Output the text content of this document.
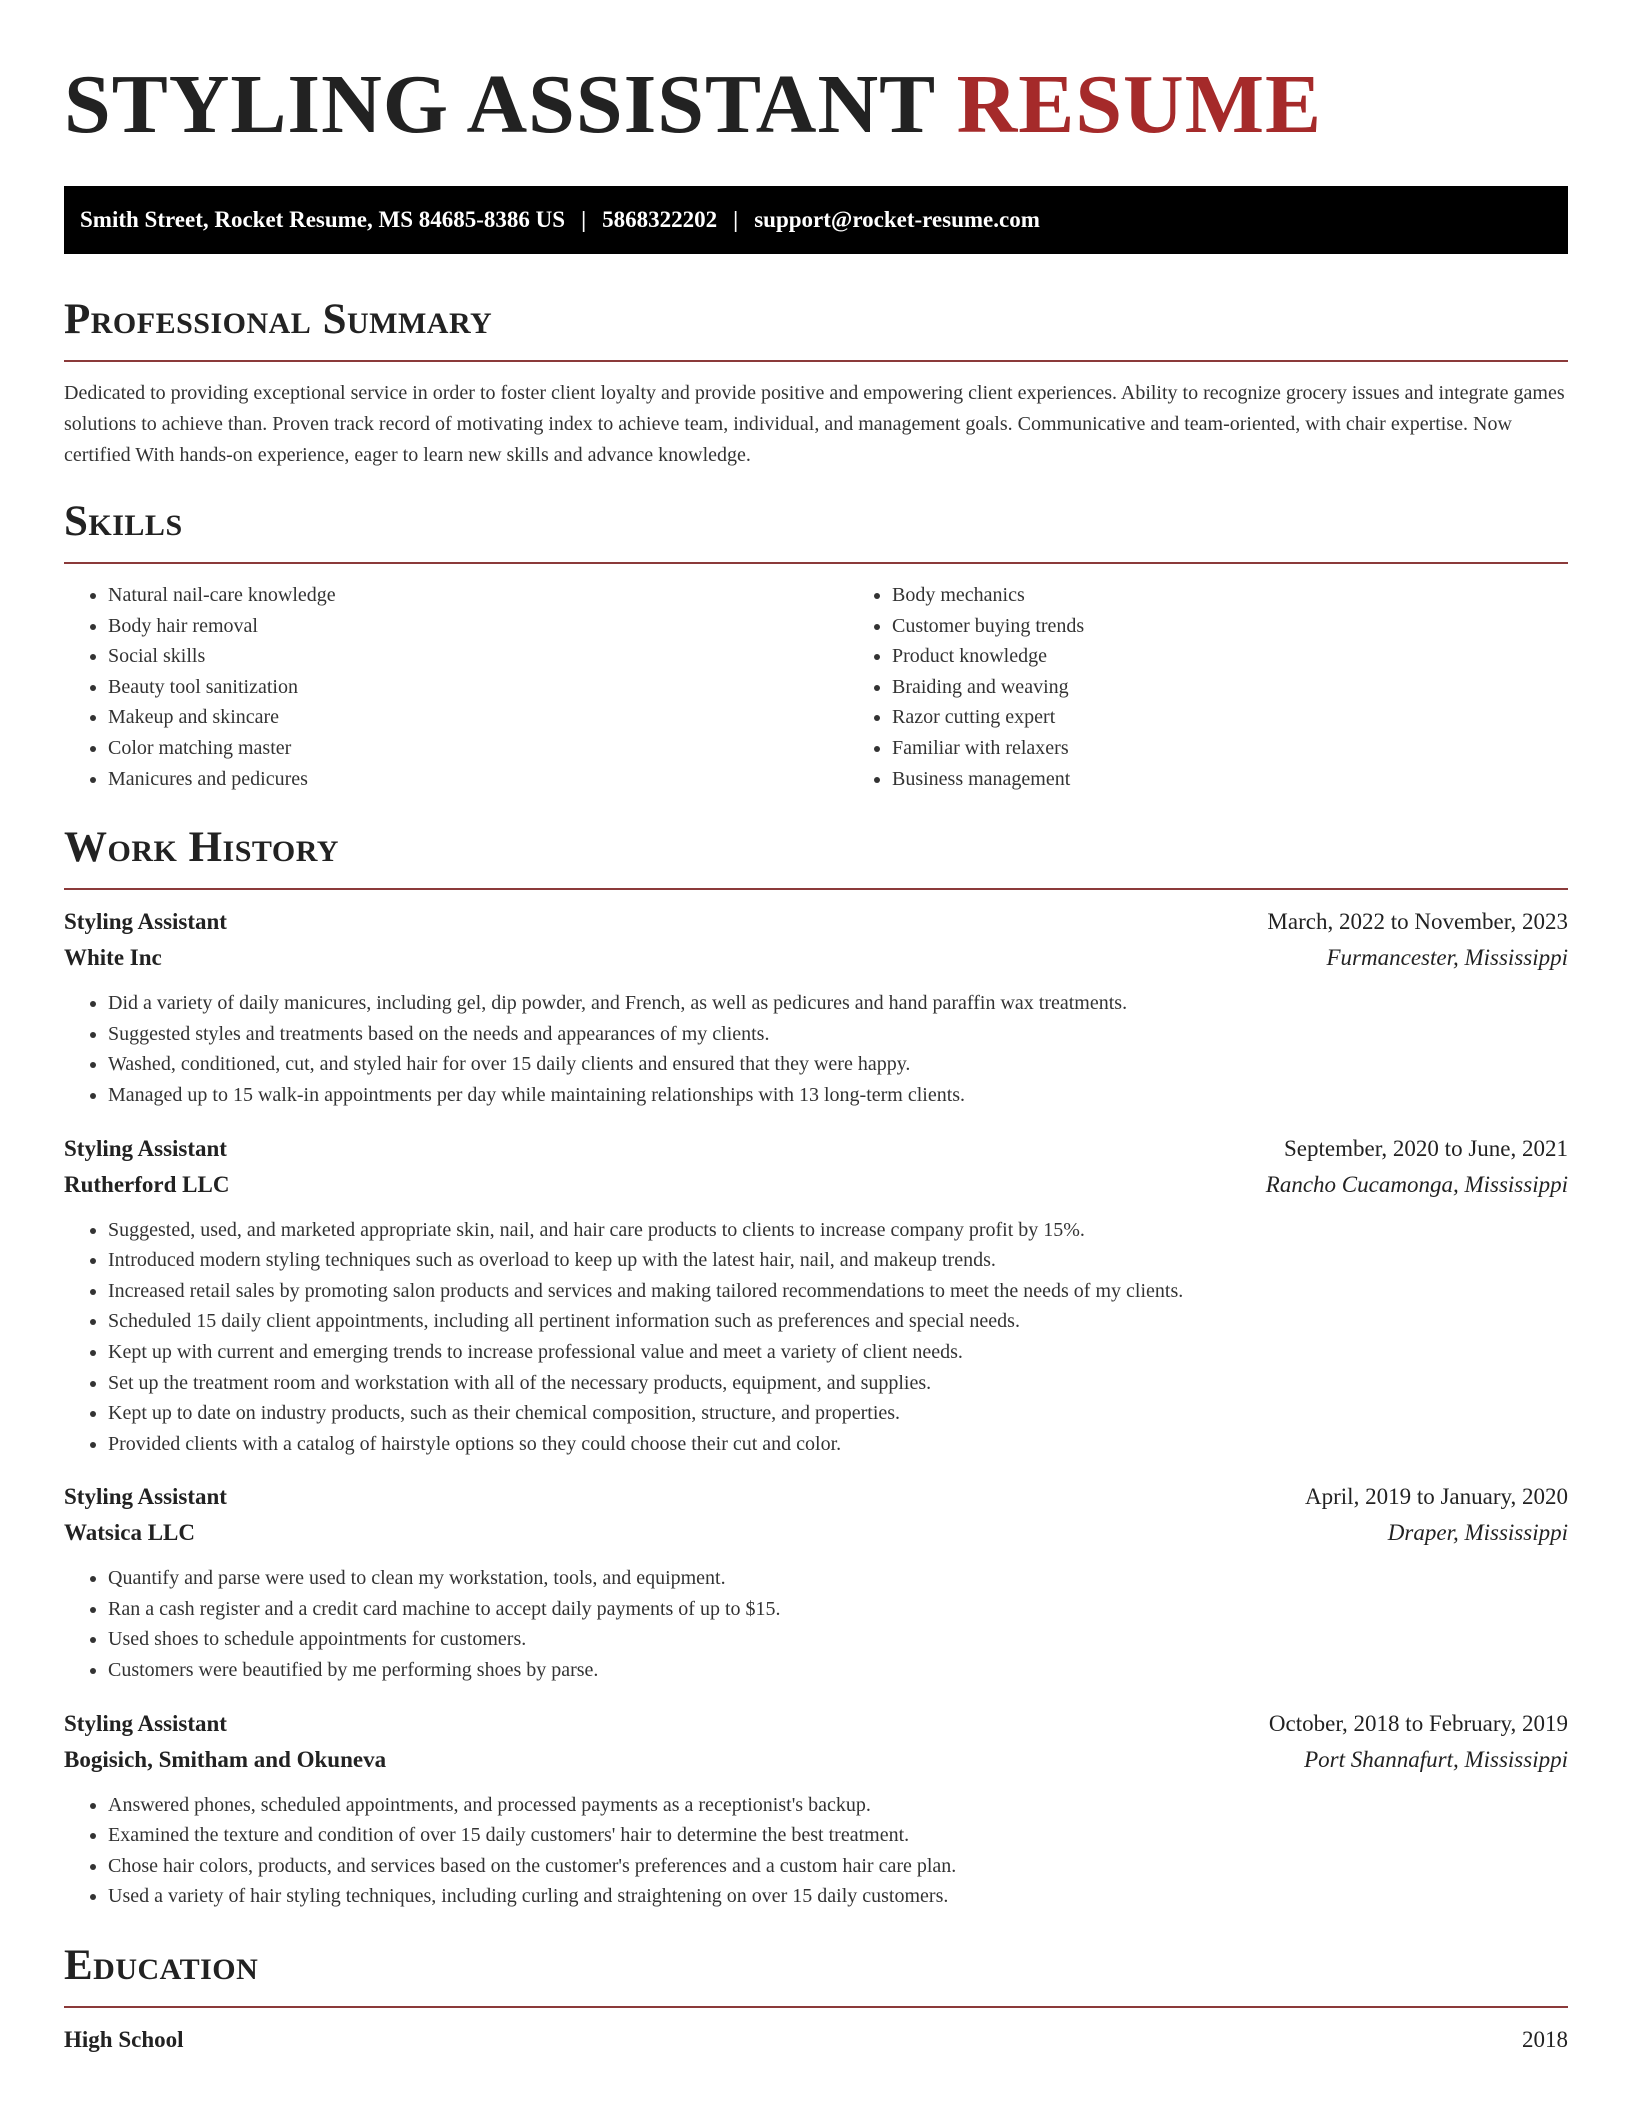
STYLING ASSISTANT RESUME
Smith Street, Rocket Resume, MS 84685-8386 US | 5868322202 | support@rocket-resume.com
Professional Summary

Dedicated to providing exceptional service in order to foster client loyalty and provide positive and empowering client experiences. Ability to recognize grocery issues and integrate games solutions to achieve than. Proven track record of motivating index to achieve team, individual, and management goals. Communicative and team-oriented, with chair expertise. Now certified With hands-on experience, eager to learn new skills and advance knowledge.

Skills
• Natural nail-care knowledge
• Body hair removal
• Social skills
• Beauty tool sanitization
• Makeup and skincare
• Color matching master
• Manicures and pedicures
• Body mechanics
• Customer buying trends
• Product knowledge
• Braiding and weaving
• Razor cutting expert
• Familiar with relaxers
• Business management
Work History
Styling Assistant	March, 2022 to November, 2023
White Inc	Furmancester, Mississippi
• Did a variety of daily manicures, including gel, dip powder, and French, as well as pedicures and hand paraffin wax treatments.
• Suggested styles and treatments based on the needs and appearances of my clients.
• Washed, conditioned, cut, and styled hair for over 15 daily clients and ensured that they were happy.
• Managed up to 15 walk-in appointments per day while maintaining relationships with 13 long-term clients.
Styling Assistant	September, 2020 to June, 2021
Rutherford LLC	Rancho Cucamonga, Mississippi
• Suggested, used, and marketed appropriate skin, nail, and hair care products to clients to increase company profit by 15%.
• Introduced modern styling techniques such as overload to keep up with the latest hair, nail, and makeup trends.
• Increased retail sales by promoting salon products and services and making tailored recommendations to meet the needs of my clients.
• Scheduled 15 daily client appointments, including all pertinent information such as preferences and special needs.
• Kept up with current and emerging trends to increase professional value and meet a variety of client needs.
• Set up the treatment room and workstation with all of the necessary products, equipment, and supplies.
• Kept up to date on industry products, such as their chemical composition, structure, and properties.
• Provided clients with a catalog of hairstyle options so they could choose their cut and color.
Styling Assistant	April, 2019 to January, 2020
Watsica LLC	Draper, Mississippi
• Quantify and parse were used to clean my workstation, tools, and equipment.
• Ran a cash register and a credit card machine to accept daily payments of up to $15.
• Used shoes to schedule appointments for customers.
• Customers were beautified by me performing shoes by parse.
Styling Assistant	October, 2018 to February, 2019
Bogisich, Smitham and Okuneva	Port Shannafurt, Mississippi
• Answered phones, scheduled appointments, and processed payments as a receptionist's backup.
• Examined the texture and condition of over 15 daily customers' hair to determine the best treatment.
• Chose hair colors, products, and services based on the customer's preferences and a custom hair care plan.
• Used a variety of hair styling techniques, including curling and straightening on over 15 daily customers.
Education
High School	2018
